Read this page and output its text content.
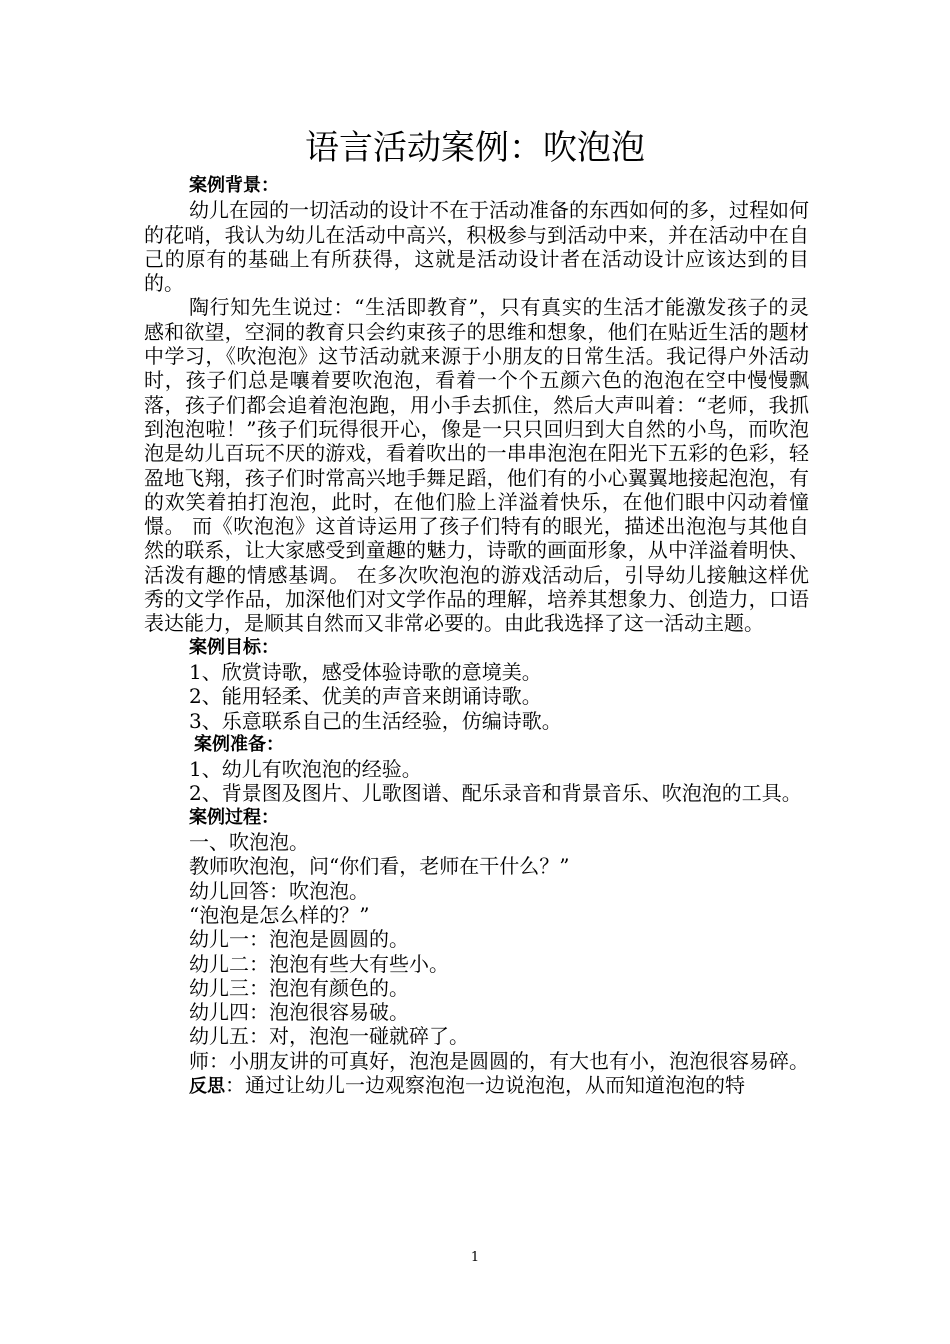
语言活动案例：吹泡泡

案例背景：

幼儿在园的一切活动的设计不在于活动准备的东西如何的多，过程如何的花哨，我认为幼儿在活动中高兴，积极参与到活动中来，并在活动中在自己的原有的基础上有所获得，这就是活动设计者在活动设计应该达到的目的。

陶行知先生说过：“生活即教育”，只有真实的生活才能激发孩子的灵感和欲望，空洞的教育只会约束孩子的思维和想象，他们在贴近生活的题材中学习，《吹泡泡》这节活动就来源于小朋友的日常生活。我记得户外活动时，孩子们总是嚷着要吹泡泡，看着一个个五颜六色的泡泡在空中慢慢飘落，孩子们都会追着泡泡跑，用小手去抓住，然后大声叫着：“老师，我抓到泡泡啦！”孩子们玩得很开心，像是一只只回归到大自然的小鸟，而吹泡泡是幼儿百玩不厌的游戏，看着吹出的一串串泡泡在阳光下五彩的色彩，轻盈地飞翔，孩子们时常高兴地手舞足蹈，他们有的小心翼翼地接起泡泡，有的欢笑着拍打泡泡，此时，在他们脸上洋溢着快乐，在他们眼中闪动着憧憬。 而《吹泡泡》这首诗运用了孩子们特有的眼光，描述出泡泡与其他自然的联系，让大家感受到童趣的魅力，诗歌的画面形象，从中洋溢着明快、活泼有趣的情感基调。 在多次吹泡泡的游戏活动后，引导幼儿接触这样优秀的文学作品，加深他们对文学作品的理解，培养其想象力、创造力，口语表达能力，是顺其自然而又非常必要的。由此我选择了这一活动主题。

案例目标：

1、欣赏诗歌，感受体验诗歌的意境美。

2、能用轻柔、优美的声音来朗诵诗歌。

3、乐意联系自己的生活经验，仿编诗歌。

案例准备：

1、幼儿有吹泡泡的经验。

2、背景图及图片、儿歌图谱、配乐录音和背景音乐、吹泡泡的工具。

案例过程：

一、吹泡泡。

教师吹泡泡，问“你们看，老师在干什么？”

幼儿回答：吹泡泡。

“泡泡是怎么样的？”

幼儿一：泡泡是圆圆的。

幼儿二：泡泡有些大有些小。

幼儿三：泡泡有颜色的。

幼儿四：泡泡很容易破。

幼儿五：对，泡泡一碰就碎了。

师：小朋友讲的可真好，泡泡是圆圆的，有大也有小，泡泡很容易碎。

反思：通过让幼儿一边观察泡泡一边说泡泡，从而知道泡泡的特

1
